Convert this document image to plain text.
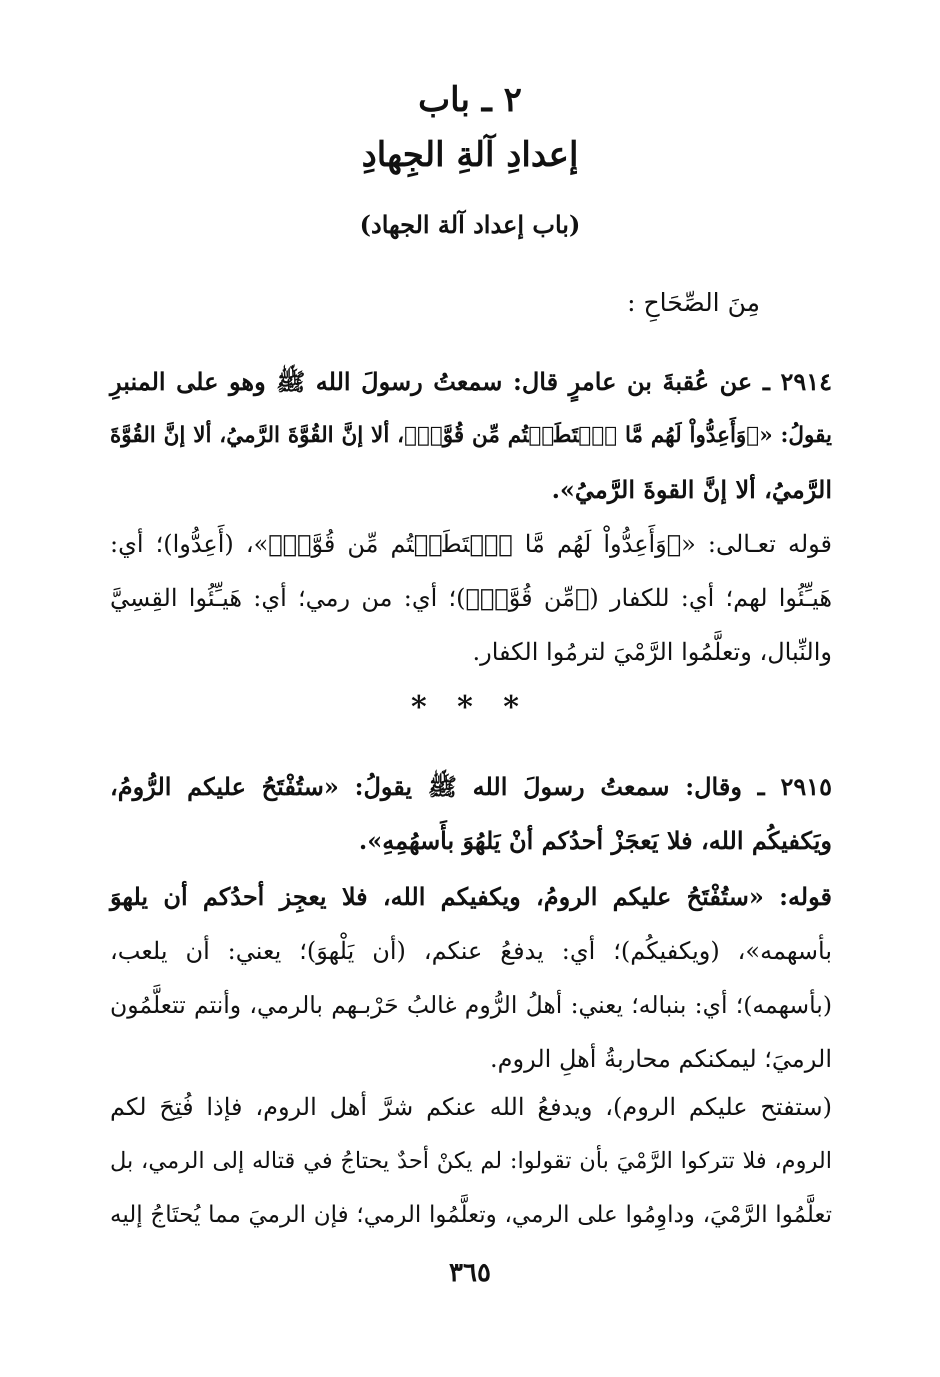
٢ ـ باب
إعدادِ آلةِ الجِهادِ

(باب إعداد آلة الجهاد)

مِنَ الصِّحَاحِ :

٢٩١٤ ـ عن عُقبةَ بن عامرٍ قال: سمعتُ رسولَ الله ﷺ وهو على المنبرِ
يقولُ: «﴿وَأَعِدُّواْ لَهُم مَّا ٱسۡتَطَعۡتُم مِّن قُوَّةٖ﴾، ألا إنَّ القُوَّةَ الرَّميُ، ألا إنَّ القُوَّةَ
الرَّميُ، ألا إنَّ القوةَ الرَّميُ».

قوله تعـالى: «﴿وَأَعِدُّواْ لَهُم مَّا ٱسۡتَطَعۡتُم مِّن قُوَّةٖ﴾»، (أَعِدُّوا)؛ أي:
هَيـِّئُوا لهم؛ أي: للكفار (﴿مِّن قُوَّةٖ﴾)؛ أي: من رمي؛ أي: هَيـِّئُوا القِسِيَّ
والنِّبال، وتعلَّمُوا الرَّمْيَ لترمُوا الكفار.

* * *

٢٩١٥ ـ وقال: سمعتُ رسولَ الله ﷺ يقولُ: «ستُفْتَحُ عليكم الرُّومُ،
ويَكفيكُم الله، فلا يَعجَزْ أحدُكم أنْ يَلهُوَ بأَسهُمِهِ».

قوله: «ستُفْتَحُ عليكم الرومُ، ويكفيكم الله، فلا يعجِز أحدُكم أن يلهوَ
بأسهمه»، (ويكفيكُم)؛ أي: يدفعُ عنكم، (أن يَلْهوَ)؛ يعني: أن يلعب،
(بأسهمه)؛ أي: بنباله؛ يعني: أهلُ الرُّوم غالبُ حَرْبـهم بالرمي، وأنتم تتعلَّمُون
الرميَ؛ ليمكنكم محاربةُ أهلِ الروم.

(ستفتح عليكم الروم)، ويدفعُ الله عنكم شرَّ أهل الروم، فإذا فُتِحَ لكم
الروم، فلا تتركوا الرَّمْيَ بأن تقولوا: لم يكنْ أحدٌ يحتاجُ في قتاله إلى الرمي، بل
تعلَّمُوا الرَّمْيَ، وداوِمُوا على الرمي، وتعلَّمُوا الرمي؛ فإن الرميَ مما يُحتَاجُ إليه

٣٦٥
